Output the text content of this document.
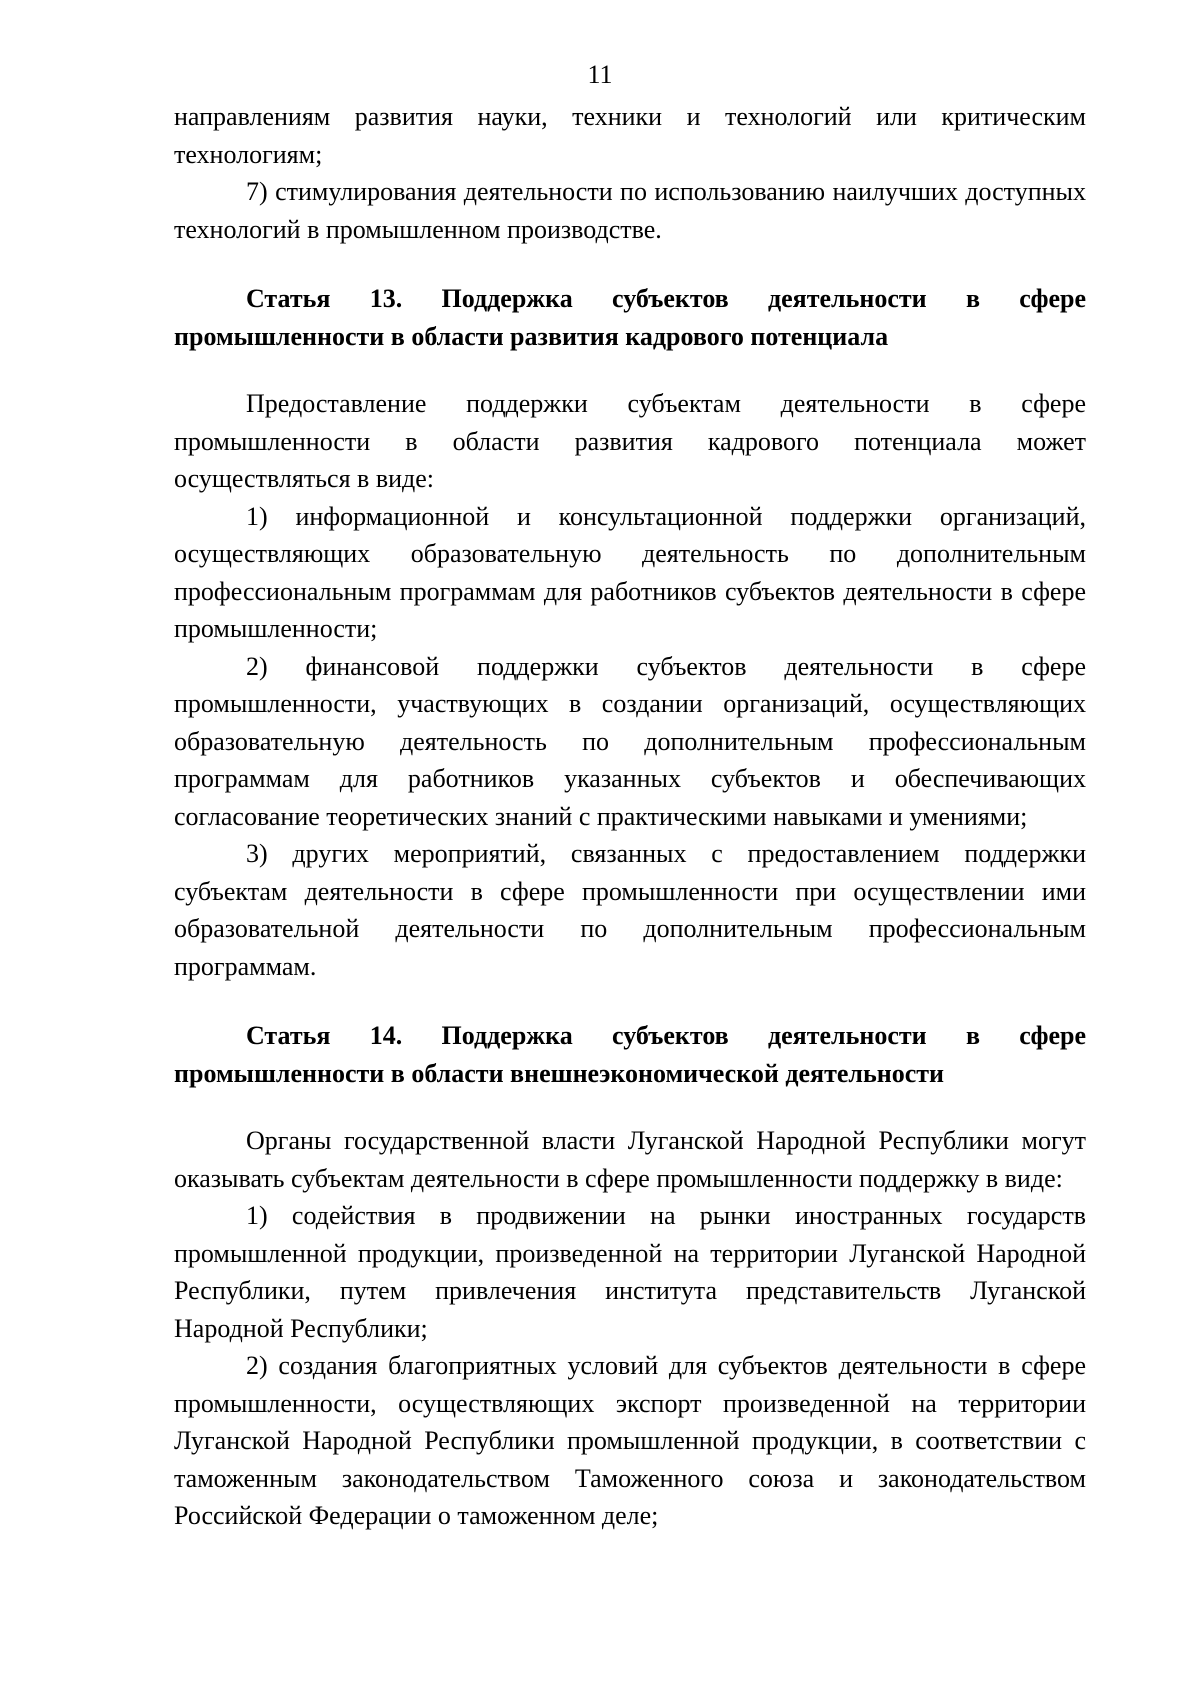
11

направлениям развития науки, техники и технологий или критическим технологиям;

7) стимулирования деятельности по использованию наилучших доступных технологий в промышленном производстве.

Статья 13. Поддержка субъектов деятельности в сфере промышленности в области развития кадрового потенциала

Предоставление поддержки субъектам деятельности в сфере промышленности в области развития кадрового потенциала может осуществляться в виде:

1) информационной и консультационной поддержки организаций, осуществляющих образовательную деятельность по дополнительным профессиональным программам для работников субъектов деятельности в сфере промышленности;

2) финансовой поддержки субъектов деятельности в сфере промышленности, участвующих в создании организаций, осуществляющих образовательную деятельность по дополнительным профессиональным программам для работников указанных субъектов и обеспечивающих согласование теоретических знаний с практическими навыками и умениями;

3) других мероприятий, связанных с предоставлением поддержки субъектам деятельности в сфере промышленности при осуществлении ими образовательной деятельности по дополнительным профессиональным программам.

Статья 14. Поддержка субъектов деятельности в сфере промышленности в области внешнеэкономической деятельности

Органы государственной власти Луганской Народной Республики могут оказывать субъектам деятельности в сфере промышленности поддержку в виде:

1) содействия в продвижении на рынки иностранных государств промышленной продукции, произведенной на территории Луганской Народной Республики, путем привлечения института представительств Луганской Народной Республики;

2) создания благоприятных условий для субъектов деятельности в сфере промышленности, осуществляющих экспорт произведенной на территории Луганской Народной Республики промышленной продукции, в соответствии с таможенным законодательством Таможенного союза и законодательством Российской Федерации о таможенном деле;
